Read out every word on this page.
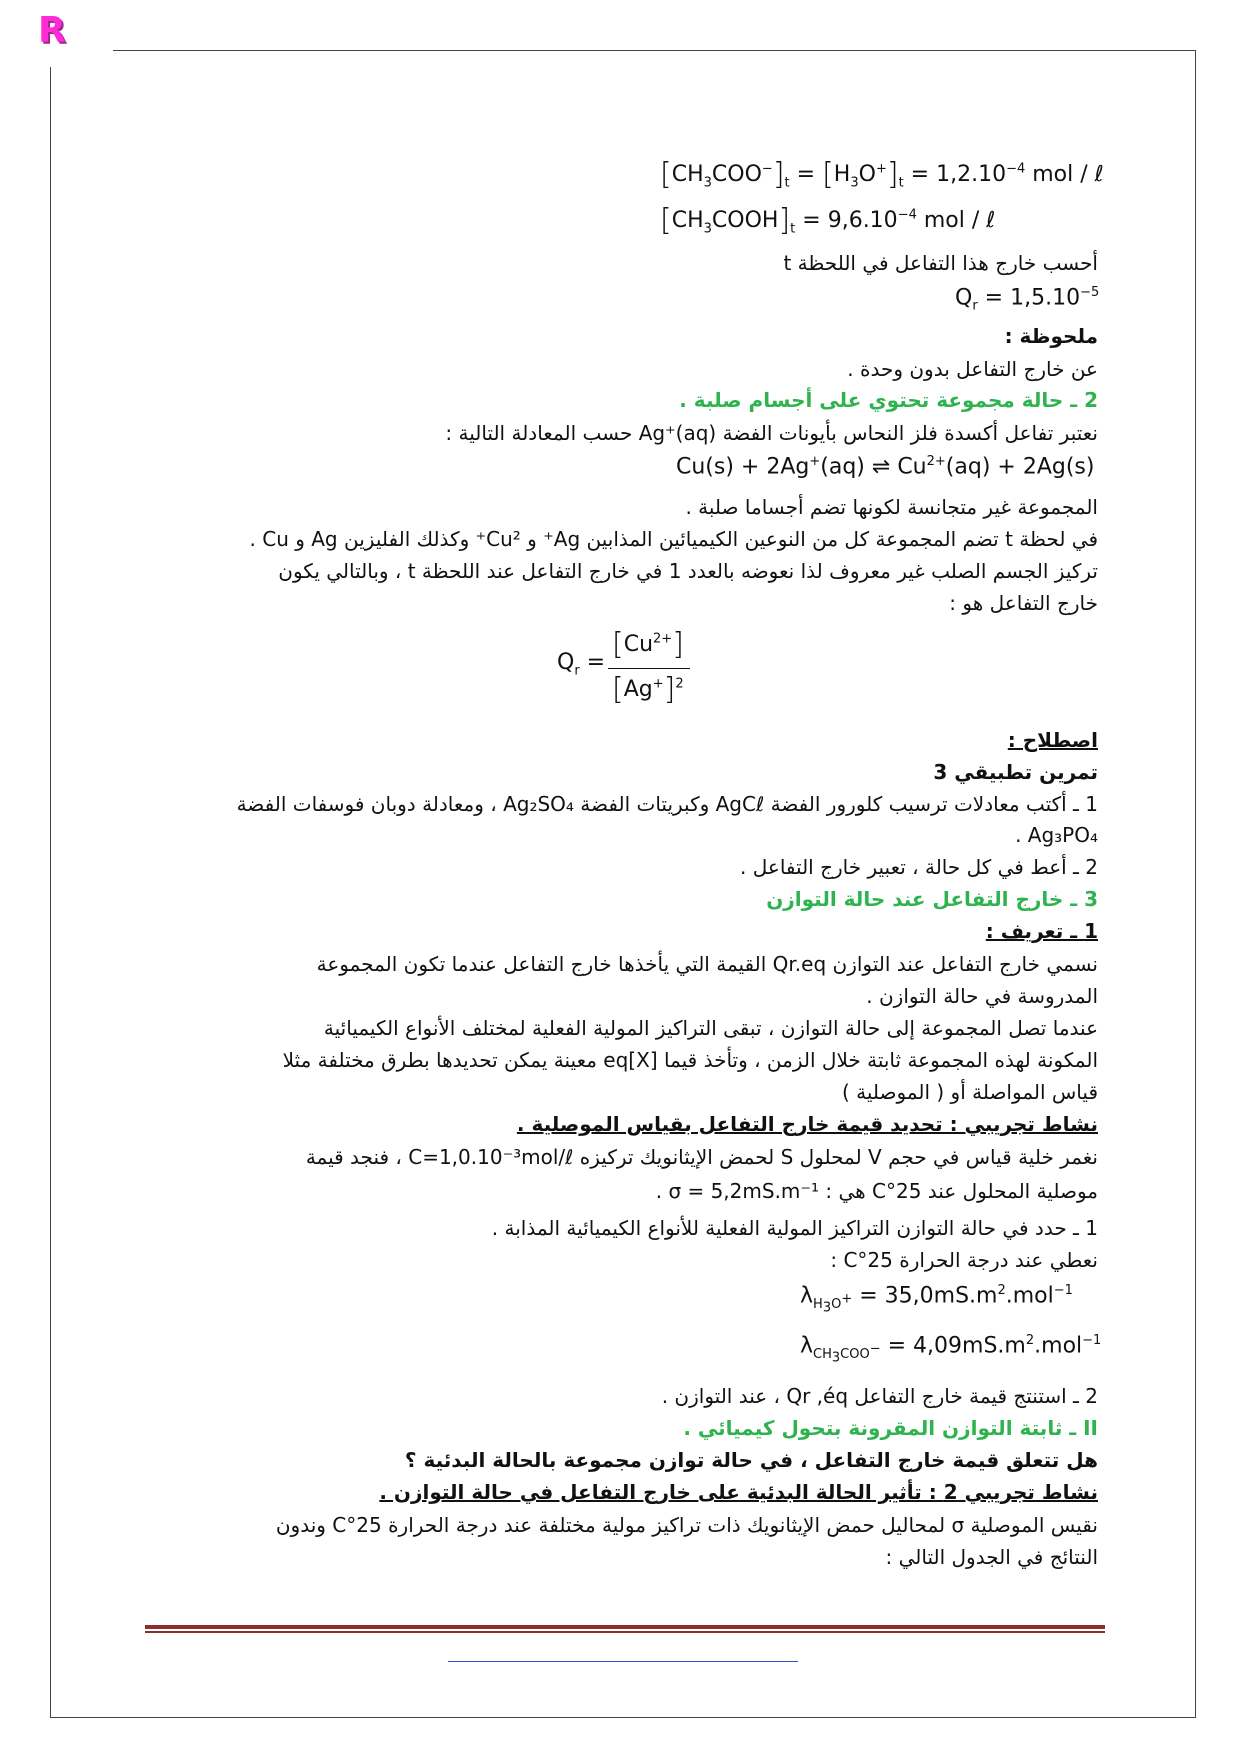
R
$[CH_3COO^-]_t = [H_3O^+]_t = 1,2.10^{-4}$ mol / ℓ
$[CH_3COOH]_t = 9,6.10^{-4}$ mol / ℓ
أحسب خارج هذا التفاعل في اللحظة t
$Q_r = 1,5.10^{-5}$
ملحوظة :
عن خارج التفاعل بدون وحدة .
2 ـ حالة مجموعة تحتوي على أجسام صلبة .
نعتبر تفاعل أكسدة فلز النحاس بأيونات الفضة Ag⁺(aq) حسب المعادلة التالية :
Cu(s) + 2Ag+(aq) ⇌ $Cu^{2+}(aq) + 2Ag(s)$
المجموعة غير متجانسة لكونها تضم أجساما صلبة .
في لحظة t تضم المجموعة كل من النوعين الكيميائين المذابين Ag⁺ و Cu²⁺ وكذلك الفليزين Ag و Cu .
تركيز الجسم الصلب غير معروف لذا نعوضه بالعدد 1 في خارج التفاعل عند اللحظة t ، وبالتالي يكون
خارج التفاعل هو :
$Q_r$ =
$[Cu^{2+}]$
$[Ag^+]^2$
اصطلاح :
تمرين تطبيقي 3
1 ـ أكتب معادلات ترسيب كلورور الفضة AgCℓ وكبريتات الفضة Ag₂SO₄ ، ومعادلة دوبان فوسفات الفضة
Ag₃PO₄ .
2 ـ أعط في كل حالة ، تعبير خارج التفاعل .
3 ـ خارج التفاعل عند حالة التوازن
1 ـ تعريف :
نسمي خارج التفاعل عند التوازن Qr.eq القيمة التي يأخذها خارج التفاعل عندما تكون المجموعة
المدروسة في حالة التوازن .
عندما تصل المجموعة إلى حالة التوازن ، تبقى التراكيز المولية الفعلية لمختلف الأنواع الكيميائية
المكونة لهذه المجموعة ثابتة خلال الزمن ، وتأخذ قيما [X]eq معينة يمكن تحديدها بطرق مختلفة مثلا
قياس المواصلة أو ( الموصلية )
نشاط تجريبي : تحديد قيمة خارج التفاعل بقياس الموصلية .
نغمر خلية قياس في حجم V لمحلول S لحمض الإيثانويك تركيزه C=1,0.10⁻³mol/ℓ ، فنجد قيمة
موصلية المحلول عند 25°C هي : σ = 5,2mS.m⁻¹ .
1 ـ حدد في حالة التوازن التراكيز المولية الفعلية للأنواع الكيميائية المذابة .
نعطي عند درجة الحرارة 25°C :
$\lambda_{H_3O^+} = 35,0mS.m^2.mol^{-1}$
$\lambda_{CH_3COO^-} = 4,09mS.m^2.mol^{-1}$
2 ـ استنتج قيمة خارج التفاعل Qr ,éq ، عند التوازن .
II ـ ثابتة التوازن المقرونة بتحول كيميائي .
هل تتعلق قيمة خارج التفاعل ، في حالة توازن مجموعة بالحالة البدئية ؟
نشاط تجريبي 2 : تأثير الحالة البدئية على خارج التفاعل في حالة التوازن .
نقيس الموصلية σ لمحاليل حمض الإيثانويك ذات تراكيز مولية مختلفة عند درجة الحرارة 25°C وندون
النتائج في الجدول التالي :
